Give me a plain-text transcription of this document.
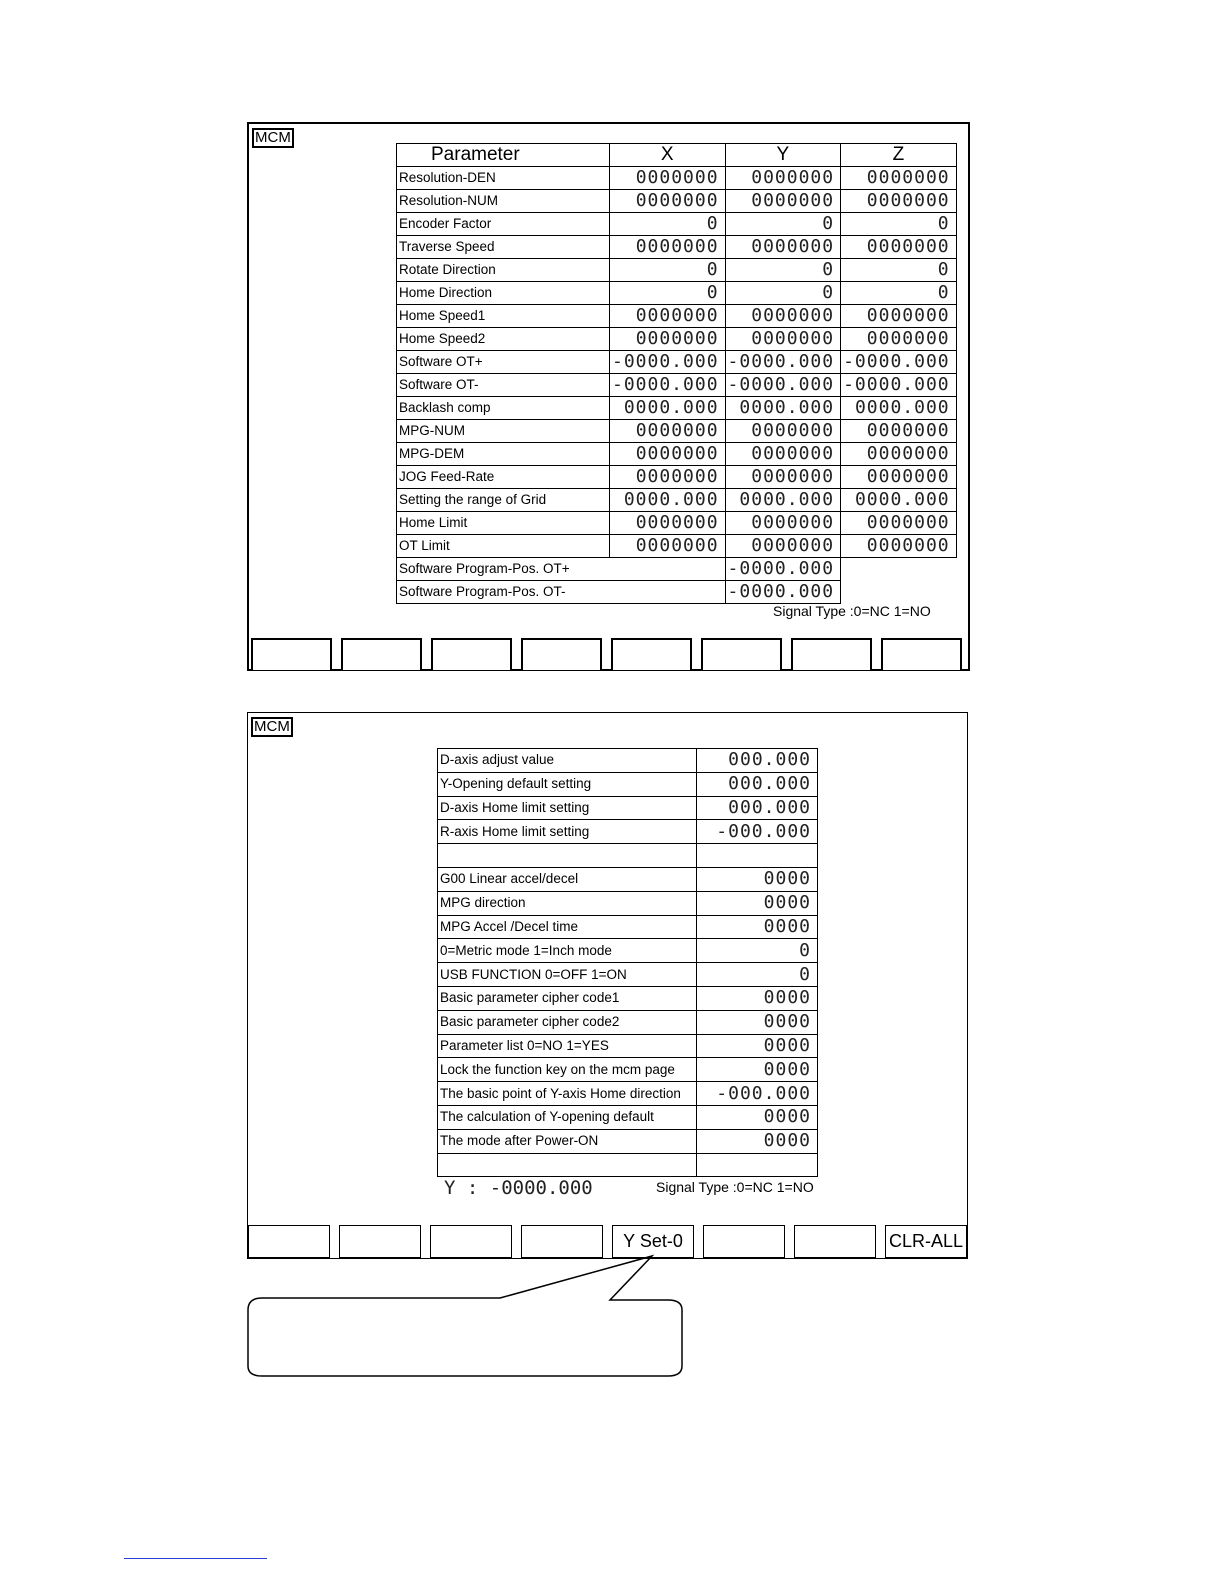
MCM
Parameter	X	Y	Z
Resolution-DEN	0000000	0000000	0000000
Resolution-NUM	0000000	0000000	0000000
Encoder Factor	0	0	0
Traverse Speed	0000000	0000000	0000000
Rotate Direction	0	0	0
Home Direction	0	0	0
Home Speed1	0000000	0000000	0000000
Home Speed2	0000000	0000000	0000000
Software OT+	-0000.000	-0000.000	-0000.000
Software OT-	-0000.000	-0000.000	-0000.000
Backlash comp	0000.000	0000.000	0000.000
MPG-NUM	0000000	0000000	0000000
MPG-DEM	0000000	0000000	0000000
JOG Feed-Rate	0000000	0000000	0000000
Setting the range of Grid	0000.000	0000.000	0000.000
Home Limit	0000000	0000000	0000000
OT Limit	0000000	0000000	0000000
Software Program-Pos. OT+		-0000.000	
Software Program-Pos. OT-		-0000.000	
Signal Type :0=NC 1=NO
MCM
D-axis adjust value	000.000
Y-Opening default setting	000.000
D-axis Home limit setting	000.000
R-axis Home limit setting	-000.000

G00 Linear accel/decel	0000
MPG direction	0000
MPG Accel /Decel time	0000
0=Metric mode 1=Inch mode	0
USB FUNCTION 0=OFF 1=ON	0
Basic parameter cipher code1	0000
Basic parameter cipher code2	0000
Parameter list 0=NO 1=YES	0000
Lock the function key on the mcm page	0000
The basic point of Y-axis Home direction	-000.000
The calculation of Y-opening default	0000
The mode after Power-ON	0000

Y : -0000.000	Signal Type :0=NC 1=NO
Y Set-0	CLR-ALL
